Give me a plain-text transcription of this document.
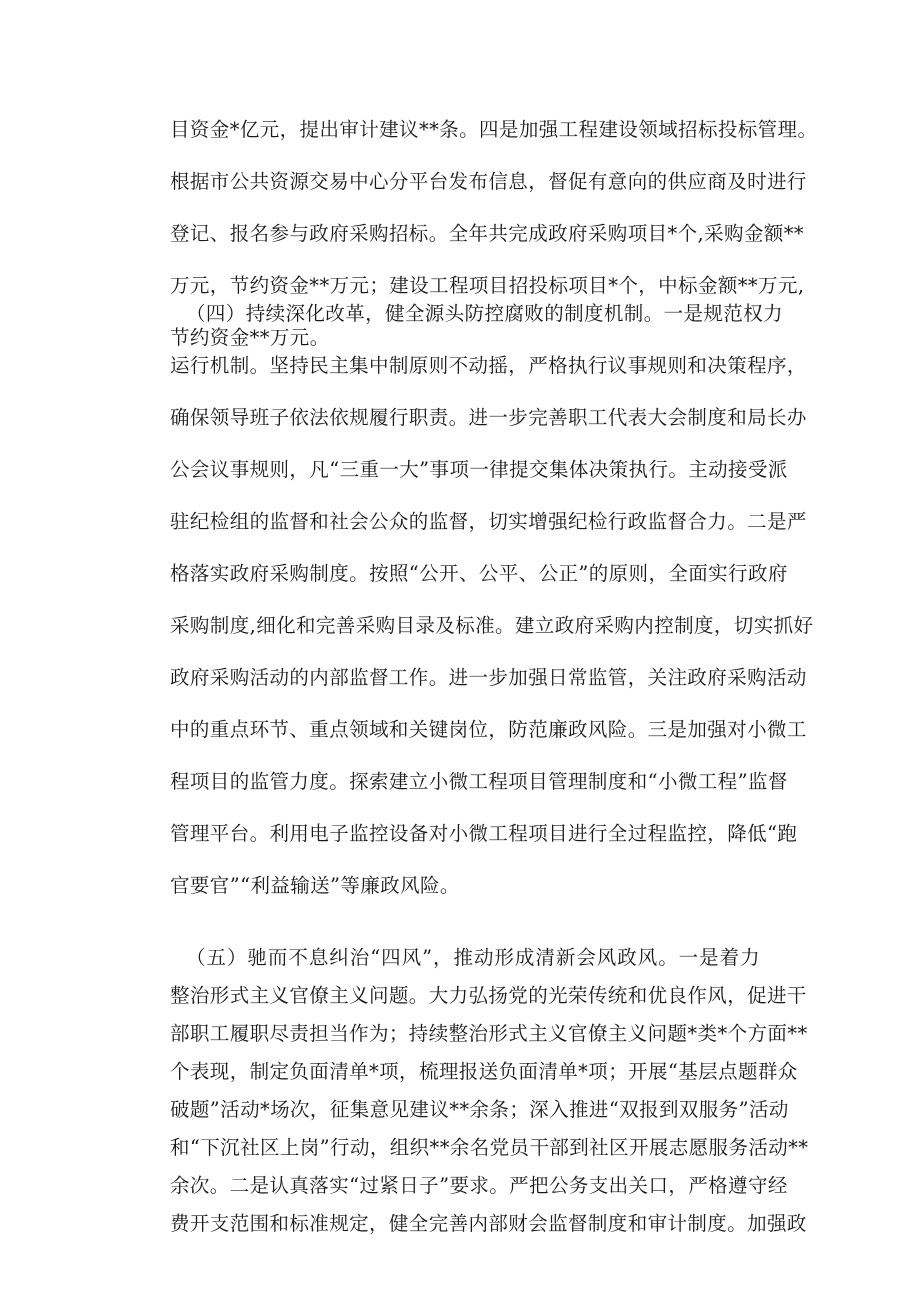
目资金*亿元，提出审计建议**条。四是加强工程建设领域招标投标管理。
根据市公共资源交易中心分平台发布信息，督促有意向的供应商及时进行
登记、报名参与政府采购招标。全年共完成政府采购项目*个,采购金额**
万元，节约资金**万元；建设工程项目招投标项目*个，中标金额**万元,
节约资金**万元。
（四）持续深化改革，健全源头防控腐败的制度机制。一是规范权力
运行机制。坚持民主集中制原则不动摇，严格执行议事规则和决策程序，
确保领导班子依法依规履行职责。进一步完善职工代表大会制度和局长办
公会议事规则，凡“三重一大”事项一律提交集体决策执行。主动接受派
驻纪检组的监督和社会公众的监督，切实增强纪检行政监督合力。二是严
格落实政府采购制度。按照“公开、公平、公正”的原则，全面实行政府
采购制度,细化和完善采购目录及标准。建立政府采购内控制度，切实抓好
政府采购活动的内部监督工作。进一步加强日常监管，关注政府采购活动
中的重点环节、重点领域和关键岗位，防范廉政风险。三是加强对小微工
程项目的监管力度。探索建立小微工程项目管理制度和“小微工程”监督
管理平台。利用电子监控设备对小微工程项目进行全过程监控，降低“跑
官要官”“利益输送”等廉政风险。
（五）驰而不息纠治“四风”，推动形成清新会风政风。一是着力
整治形式主义官僚主义问题。大力弘扬党的光荣传统和优良作风，促进干
部职工履职尽责担当作为；持续整治形式主义官僚主义问题*类*个方面**
个表现，制定负面清单*项，梳理报送负面清单*项；开展“基层点题群众
破题”活动*场次，征集意见建议**余条；深入推进“双报到双服务”活动
和“下沉社区上岗”行动，组织**余名党员干部到社区开展志愿服务活动**
余次。二是认真落实“过紧日子”要求。严把公务支出关口，严格遵守经
费开支范围和标准规定，健全完善内部财会监督制度和审计制度。加强政
